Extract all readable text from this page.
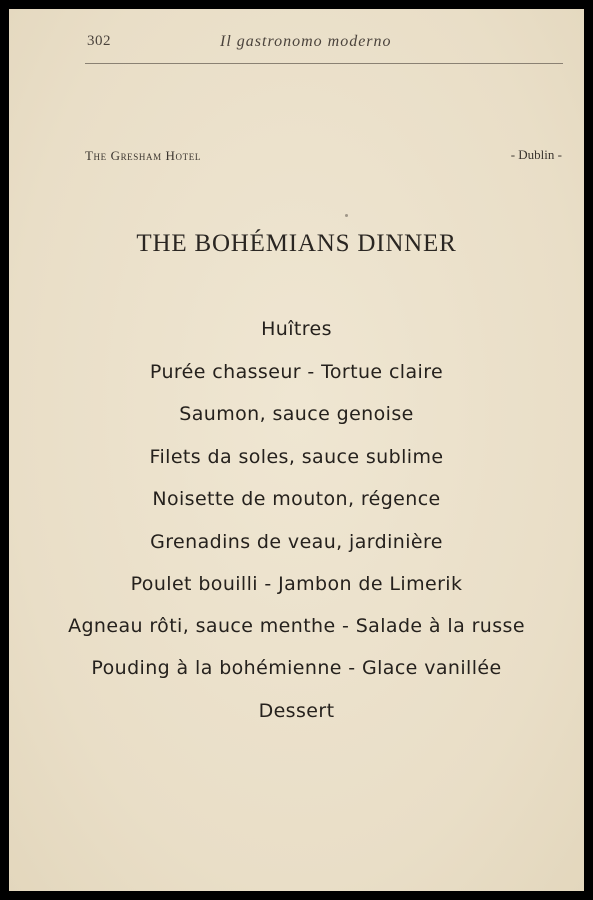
302	Il gastronomo moderno
The Gresham Hotel	- Dublin -
THE BOHÉMIANS DINNER
Huîtres
Purée chasseur - Tortue claire
Saumon, sauce genoise
Filets da soles, sauce sublime
Noisette de mouton, régence
Grenadins de veau, jardinière
Poulet bouilli - Jambon de Limerik
Agneau rôti, sauce menthe - Salade à la russe
Pouding à la bohémienne - Glace vanillée
Dessert
